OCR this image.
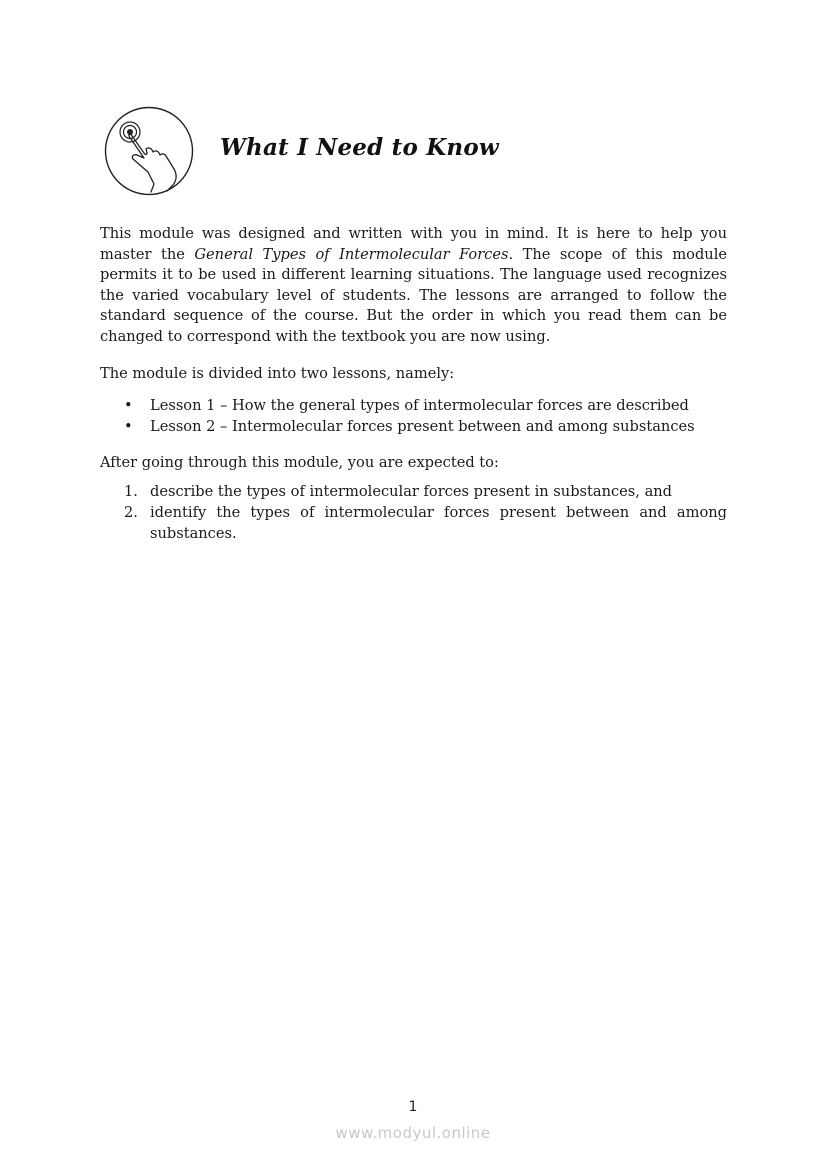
What I Need to Know

This module was designed and written with you in mind. It is here to help you master the General Types of Intermolecular Forces. The scope of this module permits it to be used in different learning situations. The language used recognizes the varied vocabulary level of students. The lessons are arranged to follow the standard sequence of the course. But the order in which you read them can be changed to correspond with the textbook you are now using.

The module is divided into two lessons, namely:

• Lesson 1 – How the general types of intermolecular forces are described
• Lesson 2 – Intermolecular forces present between and among substances

After going through this module, you are expected to:

1. describe the types of intermolecular forces present in substances, and
2. identify the types of intermolecular forces present between and among substances.
1
www.modyul.online
